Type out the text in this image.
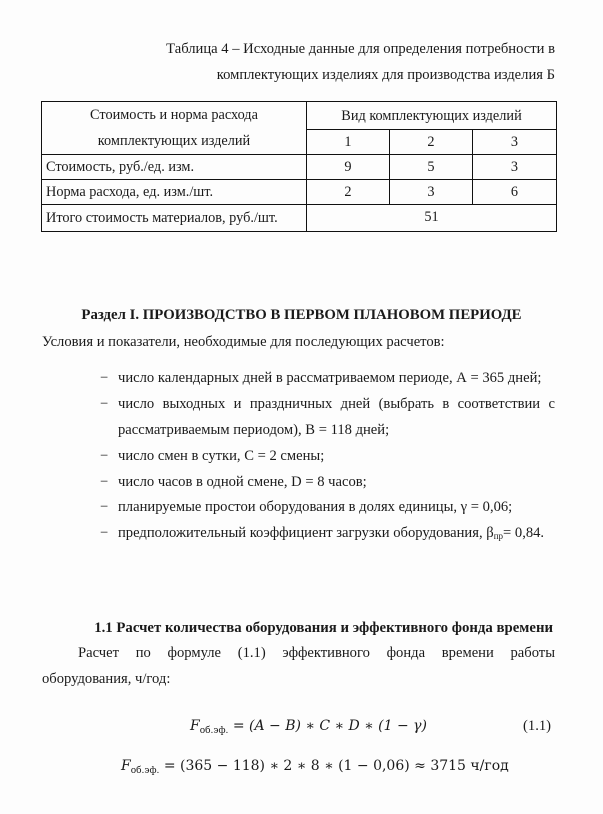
Таблица 4 – Исходные данные для определения потребности в
комплектующих изделиях для производства изделия Б
Стоимость и норма расхода
комплектующих изделий	Вид комплектующих изделий		
	1	2	3
Стоимость, руб./ед. изм.	9	5	3
Норма расхода, ед. изм./шт.	2	3	6
Итого стоимость материалов, руб./шт.	51		
Раздел I. ПРОИЗВОДСТВО В ПЕРВОМ ПЛАНОВОМ ПЕРИОДЕ
Условия и показатели, необходимые для последующих расчетов:
− число календарных дней в рассматриваемом периоде, А = 365 дней;
− число выходных и праздничных дней (выбрать в соответствии с
рассматриваемым периодом), В = 118 дней;
− число смен в сутки, С = 2 смены;
− число часов в одной смене, D = 8 часов;
− планируемые простои оборудования в долях единицы, γ = 0,06;
− предположительный коэффициент загрузки оборудования, $\beta_{пр}= 0,84$.
1.1 Расчет количества оборудования и эффективного фонда времени
Расчет по формуле (1.1) эффективного фонда времени работы
оборудования, ч/год:
$F_{об.эф.} = (A - B)$ ∗ C ∗ D ∗ (1 − γ)	(1.1)
$F_{об.эф.} = (365 - 118)$ ∗ 2 ∗ 8 ∗ (1 − 0,06) ≈ 3715 ч/год
